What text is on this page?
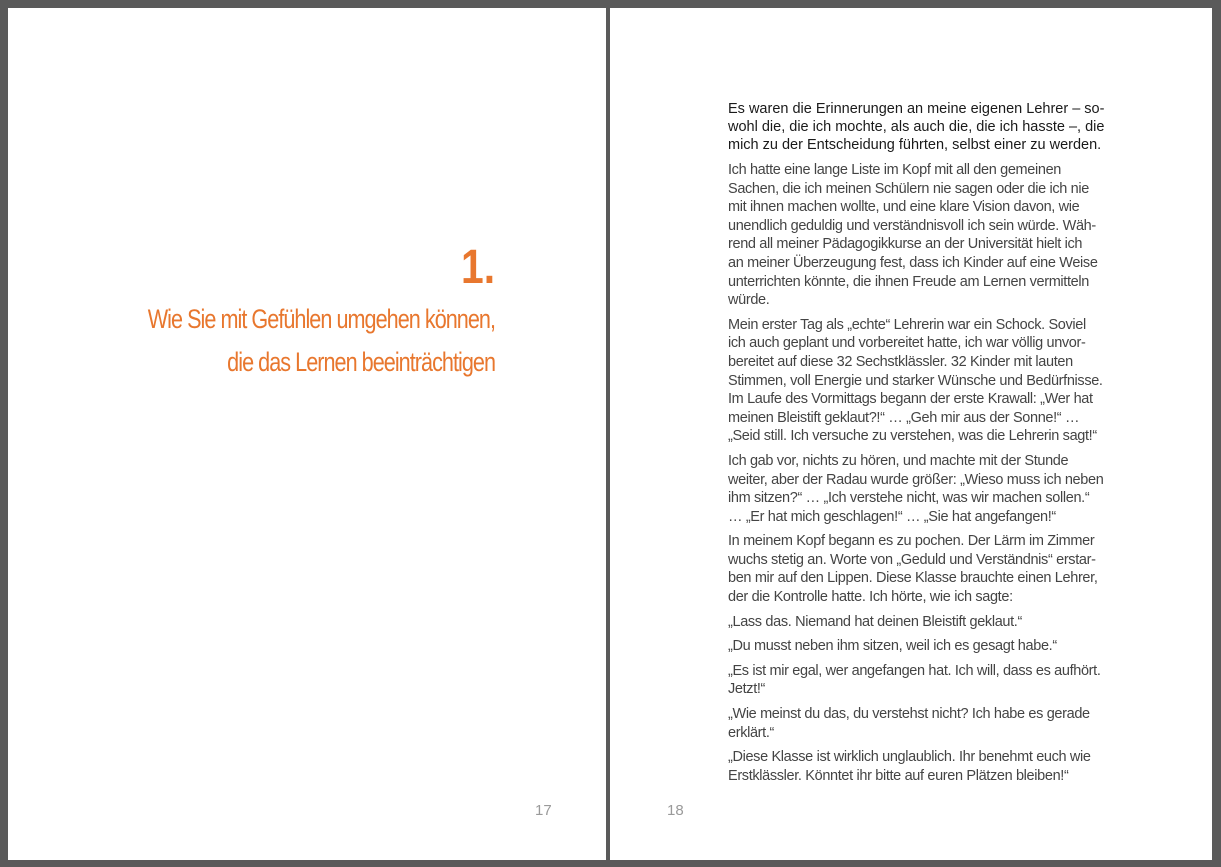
1.
Wie Sie mit Gefühlen umgehen können,
die das Lernen beeinträchtigen
17
Es waren die Erinnerungen an meine eigenen Lehrer – so-
wohl die, die ich mochte, als auch die, die ich hasste –, die
mich zu der Entscheidung führten, selbst einer zu werden.
Ich hatte eine lange Liste im Kopf mit all den gemeinen
Sachen, die ich meinen Schülern nie sagen oder die ich nie
mit ihnen machen wollte, und eine klare Vision davon, wie
unendlich geduldig und verständnisvoll ich sein würde. Wäh-
rend all meiner Pädagogikkurse an der Universität hielt ich
an meiner Überzeugung fest, dass ich Kinder auf eine Weise
unterrichten könnte, die ihnen Freude am Lernen vermitteln
würde.
Mein erster Tag als „echte“ Lehrerin war ein Schock. Soviel
ich auch geplant und vorbereitet hatte, ich war völlig unvor-
bereitet auf diese 32 Sechstklässler. 32 Kinder mit lauten
Stimmen, voll Energie und starker Wünsche und Bedürfnisse.
Im Laufe des Vormittags begann der erste Krawall: „Wer hat
meinen Bleistift geklaut?!“ … „Geh mir aus der Sonne!“ …
„Seid still. Ich versuche zu verstehen, was die Lehrerin sagt!“
Ich gab vor, nichts zu hören, und machte mit der Stunde
weiter, aber der Radau wurde größer: „Wieso muss ich neben
ihm sitzen?“ … „Ich verstehe nicht, was wir machen sollen.“
… „Er hat mich geschlagen!“ … „Sie hat angefangen!“
In meinem Kopf begann es zu pochen. Der Lärm im Zimmer
wuchs stetig an. Worte von „Geduld und Verständnis“ erstar-
ben mir auf den Lippen. Diese Klasse brauchte einen Lehrer,
der die Kontrolle hatte. Ich hörte, wie ich sagte:
„Lass das. Niemand hat deinen Bleistift geklaut.“
„Du musst neben ihm sitzen, weil ich es gesagt habe.“
„Es ist mir egal, wer angefangen hat. Ich will, dass es aufhört.
Jetzt!“
„Wie meinst du das, du verstehst nicht? Ich habe es gerade
erklärt.“
„Diese Klasse ist wirklich unglaublich. Ihr benehmt euch wie
Erstklässler. Könntet ihr bitte auf euren Plätzen bleiben!“
18
